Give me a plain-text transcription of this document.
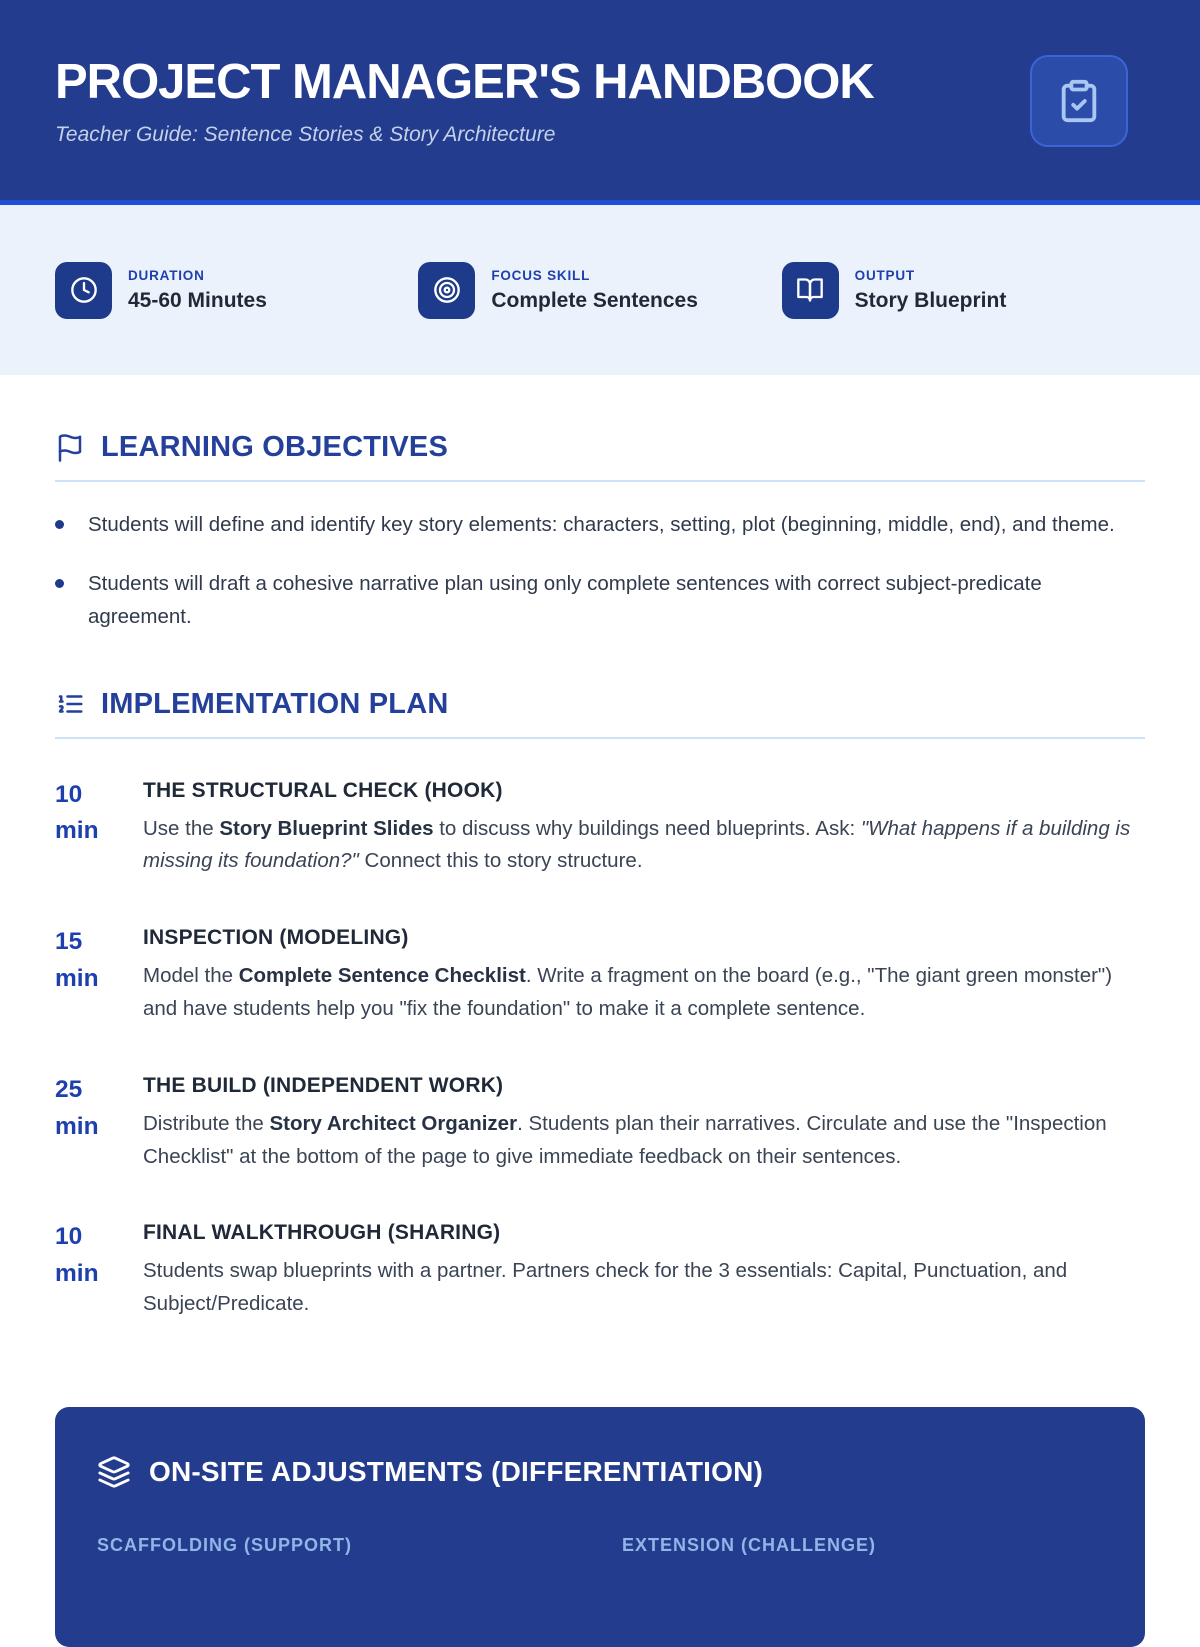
PROJECT MANAGER'S HANDBOOK
Teacher Guide: Sentence Stories & Story Architecture
DURATION
45-60 Minutes
FOCUS SKILL
Complete Sentences
OUTPUT
Story Blueprint
LEARNING OBJECTIVES
Students will define and identify key story elements: characters, setting, plot (beginning, middle, end), and theme.
Students will draft a cohesive narrative plan using only complete sentences with correct subject-predicate agreement.
IMPLEMENTATION PLAN
10
min
THE STRUCTURAL CHECK (HOOK)
Use the Story Blueprint Slides to discuss why buildings need blueprints. Ask: "What happens if a building is missing its foundation?" Connect this to story structure.
15
min
INSPECTION (MODELING)
Model the Complete Sentence Checklist. Write a fragment on the board (e.g., "The giant green monster") and have students help you "fix the foundation" to make it a complete sentence.
25
min
THE BUILD (INDEPENDENT WORK)
Distribute the Story Architect Organizer. Students plan their narratives. Circulate and use the "Inspection Checklist" at the bottom of the page to give immediate feedback on their sentences.
10
min
FINAL WALKTHROUGH (SHARING)
Students swap blueprints with a partner. Partners check for the 3 essentials: Capital, Punctuation, and Subject/Predicate.
ON-SITE ADJUSTMENTS (DIFFERENTIATION)
SCAFFOLDING (SUPPORT)	EXTENSION (CHALLENGE)
